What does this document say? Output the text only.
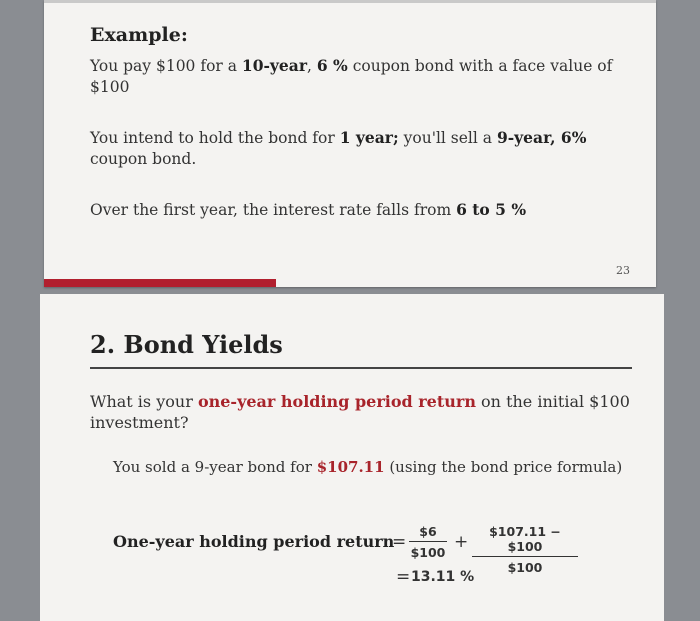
Example:
You pay $100 for a 10-year, 6 % coupon bond with a face value of $100
You intend to hold the bond for 1 year; you'll sell a 9-year, 6% coupon bond.
Over the first year, the interest rate falls from 6 to 5 %
23
2. Bond Yields
What is your one-year holding period return on the initial $100 investment?
You sold a 9-year bond for $107.11 (using the bond price formula)
One-year holding period return
=
$6
$100
+
$107.11 −$100
$100
= 13.11 %
